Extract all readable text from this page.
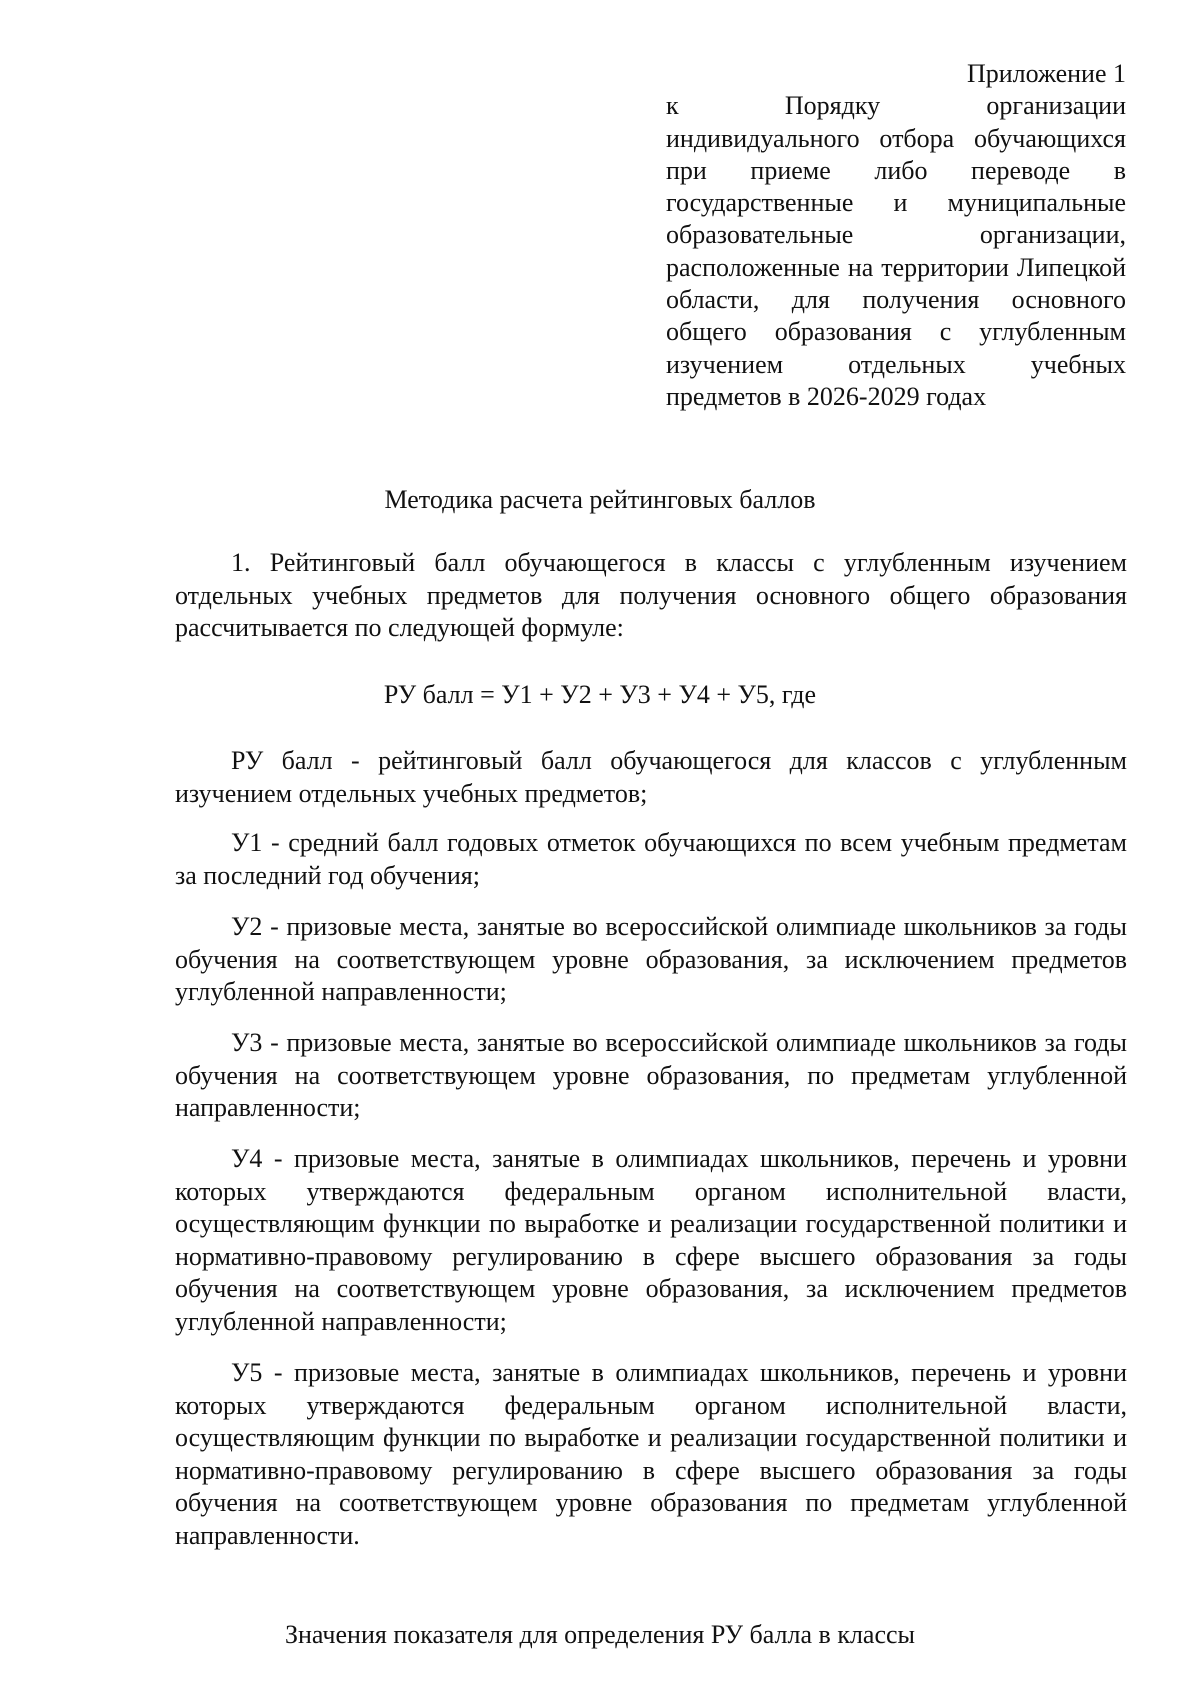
Приложение 1
к Порядку организации индивидуального отбора обучающихся при приеме либо переводе в государственные и муниципальные образовательные организации, расположенные на территории Липецкой области, для получения основного общего образования с углубленным изучением отдельных учебных предметов в 2026-2029 годах
Методика расчета рейтинговых баллов

1. Рейтинговый балл обучающегося в классы с углубленным изучением отдельных учебных предметов для получения основного общего образования рассчитывается по следующей формуле:

РУ балл = У1 + У2 + У3 + У4 + У5, где

РУ балл - рейтинговый балл обучающегося для классов с углубленным изучением отдельных учебных предметов;

У1 - средний балл годовых отметок обучающихся по всем учебным предметам за последний год обучения;

У2 - призовые места, занятые во всероссийской олимпиаде школьников за годы обучения на соответствующем уровне образования, за исключением предметов углубленной направленности;

У3 - призовые места, занятые во всероссийской олимпиаде школьников за годы обучения на соответствующем уровне образования, по предметам углубленной направленности;

У4 - призовые места, занятые в олимпиадах школьников, перечень и уровни которых утверждаются федеральным органом исполнительной власти, осуществляющим функции по выработке и реализации государственной политики и нормативно-правовому регулированию в сфере высшего образования за годы обучения на соответствующем уровне образования, за исключением предметов углубленной направленности;

У5 - призовые места, занятые в олимпиадах школьников, перечень и уровни которых утверждаются федеральным органом исполнительной власти, осуществляющим функции по выработке и реализации государственной политики и нормативно-правовому регулированию в сфере высшего образования за годы обучения на соответствующем уровне образования по предметам углубленной направленности.

Значения показателя для определения РУ балла в классы
